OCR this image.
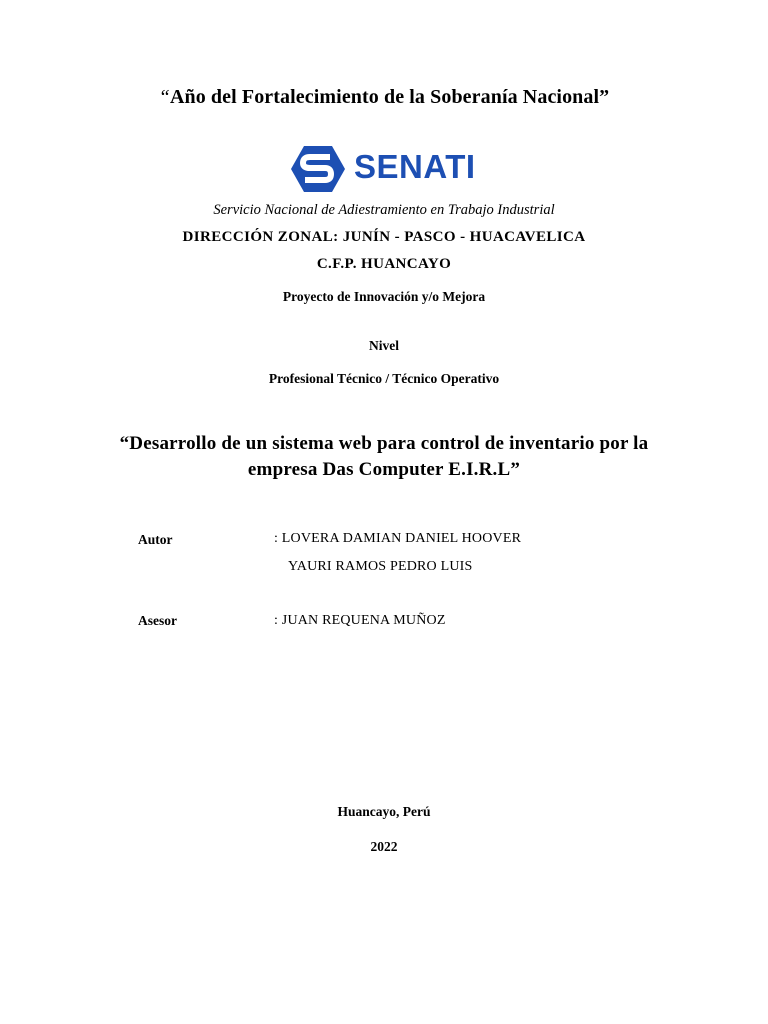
“Año del Fortalecimiento de la Soberanía Nacional”
SENATI
Servicio Nacional de Adiestramiento en Trabajo Industrial
DIRECCIÓN ZONAL: JUNÍN - PASCO - HUACAVELICA
C.F.P. HUANCAYO
Proyecto de Innovación y/o Mejora
Nivel
Profesional Técnico / Técnico Operativo
“Desarrollo de un sistema web para control de inventario por la
empresa Das Computer E.I.R.L”
Autor	: LOVERA DAMIAN DANIEL HOOVER
YAURI RAMOS PEDRO LUIS
Asesor	: JUAN REQUENA MUÑOZ
Huancayo, Perú
2022
